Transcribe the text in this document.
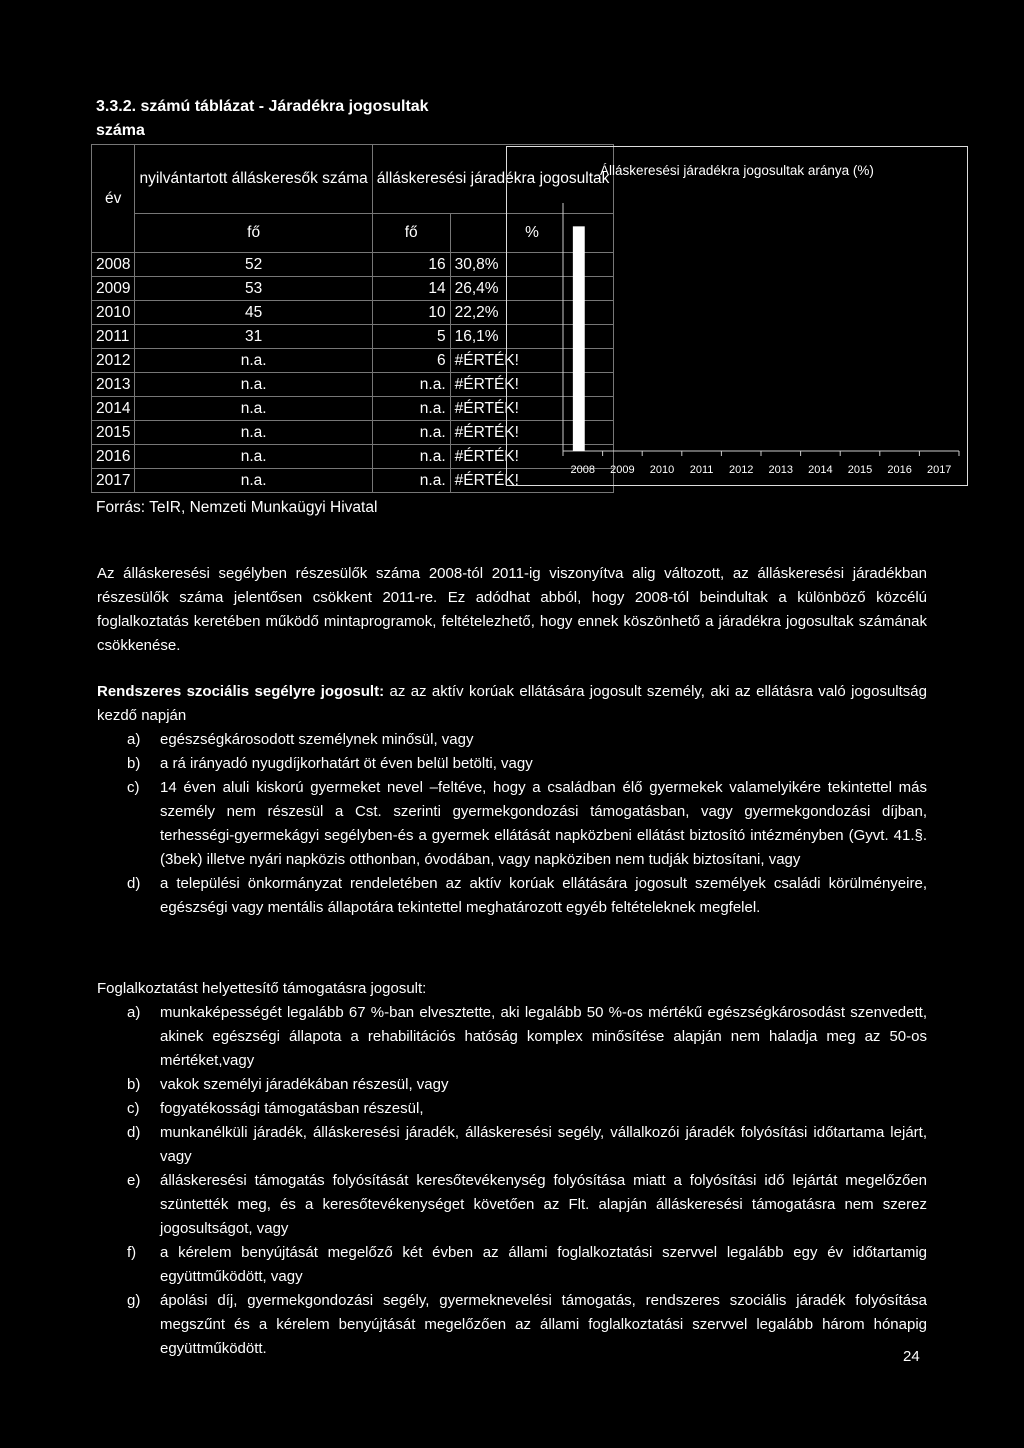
3.3.2. számú táblázat - Járadékra jogosultak száma
év	nyilvántartott álláskeresők száma	álláskeresési járadékra jogosultak	
	fő	fő	%
2008	52	16	30,8%
2009	53	14	26,4%
2010	45	10	22,2%
2011	31	5	16,1%
2012	n.a.	6	#ÉRTÉK!
2013	n.a.	n.a.	#ÉRTÉK!
2014	n.a.	n.a.	#ÉRTÉK!
2015	n.a.	n.a.	#ÉRTÉK!
2016	n.a.	n.a.	#ÉRTÉK!
2017	n.a.	n.a.	#ÉRTÉK!
Forrás: TeIR, Nemzeti Munkaügyi Hivatal
Álláskeresési járadékra jogosultak aránya (%)
2008 2009 2010 2011 2012 2013 2014 2015 2016 2017

Az álláskeresési segélyben részesülők száma 2008-tól 2011-ig viszonyítva alig változott, az álláskeresési járadékban részesülők száma jelentősen csökkent 2011-re. Ez adódhat abból, hogy 2008-tól beindultak a különböző közcélú foglalkoztatás keretében működő mintaprogramok, feltételezhető, hogy ennek köszönhető a járadékra jogosultak számának csökkenése.

Rendszeres szociális segélyre jogosult: az az aktív korúak ellátására jogosult személy, aki az ellátásra való jogosultság kezdő napján

a) egészségkárosodott személynek minősül, vagy
b) a rá irányadó nyugdíjkorhatárt öt éven belül betölti, vagy
c) 14 éven aluli kiskorú gyermeket nevel –feltéve, hogy a családban élő gyermekek valamelyikére tekintettel más személy nem részesül a Cst. szerinti gyermekgondozási támogatásban, vagy gyermekgondozási díjban, terhességi-gyermekágyi segélyben-és a gyermek ellátását napközbeni ellátást biztosító intézményben (Gyvt. 41.§.(3bek) illetve nyári napközis otthonban, óvodában, vagy napköziben nem tudják biztosítani, vagy
d) a települési önkormányzat rendeletében az aktív korúak ellátására jogosult személyek családi körülményeire, egészségi vagy mentális állapotára tekintettel meghatározott egyéb feltételeknek megfelel.

Foglalkoztatást helyettesítő támogatásra jogosult:

a) munkaképességét legalább 67 %-ban elvesztette, aki legalább 50 %-os mértékű egészségkárosodást szenvedett, akinek egészségi állapota a rehabilitációs hatóság komplex minősítése alapján nem haladja meg az 50-os mértéket,vagy
b) vakok személyi járadékában részesül, vagy
c) fogyatékossági támogatásban részesül,
d) munkanélküli járadék, álláskeresési járadék, álláskeresési segély, vállalkozói járadék folyósítási időtartama lejárt, vagy
e) álláskeresési támogatás folyósítását keresőtevékenység folyósítása miatt a folyósítási idő lejártát megelőzően szüntették meg, és a keresőtevékenységet követően az Flt. alapján álláskeresési támogatásra nem szerez jogosultságot, vagy
f) a kérelem benyújtását megelőző két évben az állami foglalkoztatási szervvel legalább egy év időtartamig együttműködött, vagy
g) ápolási díj, gyermekgondozási segély, gyermeknevelési támogatás, rendszeres szociális járadék folyósítása megszűnt és a kérelem benyújtását megelőzően az állami foglalkoztatási szervvel legalább három hónapig együttműködött.	24
